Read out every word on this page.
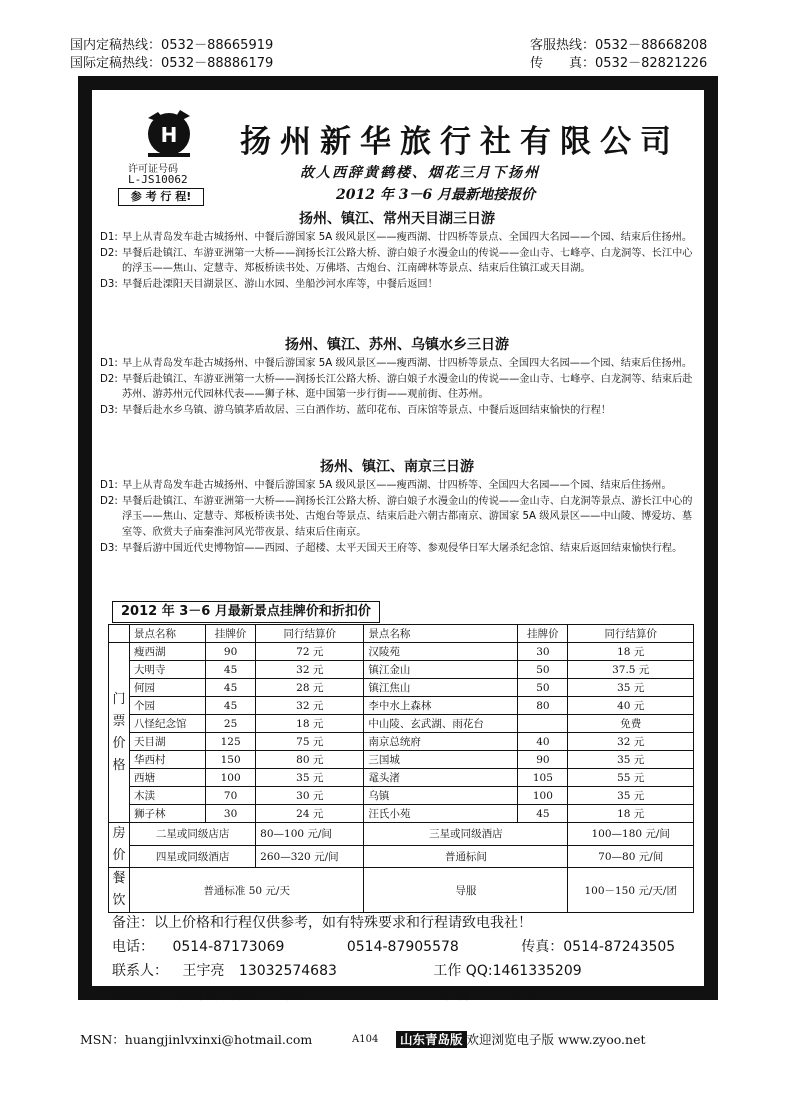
国内定稿热线：0532－88665919
国际定稿热线：0532－88886179
客服热线：0532－88668208
传　　真：0532－82821226
H 扬州新华旅行社有限公司
许可证号码
L-JS10062
参 考 行 程!
故人西辞黄鹤楼、烟花三月下扬州
2012 年 3－6 月最新地接报价
扬州、镇江、常州天目湖三日游
D1: 早上从青岛发车赴古城扬州、中餐后游国家 5A 级风景区——瘦西湖、廿四桥等景点、全国四大名园——个园、结束后住扬州。
D2: 早餐后赴镇江、车游亚洲第一大桥——润扬长江公路大桥、游白娘子水漫金山的传说——金山寺、七峰亭、白龙洞等、长江中心的浮玉——焦山、定慧寺、郑板桥读书处、万佛塔、古炮台、江南碑林等景点、结束后住镇江或天目湖。
D3: 早餐后赴溧阳天目湖景区、游山水园、坐船沙河水库等，中餐后返回！
扬州、镇江、苏州、乌镇水乡三日游
D1: 早上从青岛发车赴古城扬州、中餐后游国家 5A 级风景区——瘦西湖、廿四桥等景点、全国四大名园——个园、结束后住扬州。
D2: 早餐后赴镇江、车游亚洲第一大桥——润扬长江公路大桥、游白娘子水漫金山的传说——金山寺、七峰亭、白龙洞等、结束后赴苏州、游苏州元代园林代表——狮子林、逛中国第一步行街——观前街、住苏州。
D3: 早餐后赴水乡乌镇、游乌镇茅盾故居、三白酒作坊、蓝印花布、百床馆等景点、中餐后返回结束愉快的行程！
扬州、镇江、南京三日游
D1: 早上从青岛发车赴古城扬州、中餐后游国家 5A 级风景区——瘦西湖、廿四桥等、全国四大名园——个园、结束后住扬州。
D2: 早餐后赴镇江、车游亚洲第一大桥——润扬长江公路大桥、游白娘子水漫金山的传说——金山寺、白龙洞等景点、游长江中心的浮玉——焦山、定慧寺、郑板桥读书处、古炮台等景点、结束后赴六朝古都南京、游国家 5A 级风景区——中山陵、博爱坊、墓室等、欣赏夫子庙秦淮河风光带夜景、结束后住南京。
D3: 早餐后游中国近代史博物馆——西园、子超楼、太平天国天王府等、参观侵华日军大屠杀纪念馆、结束后返回结束愉快行程。
2012 年 3－6 月最新景点挂牌价和折扣价
	景点名称	挂牌价	同行结算价	景点名称	挂牌价	同行结算价
门票价格	瘦西湖	90	72 元	汉陵苑	30	18 元
	大明寺	45	32 元	镇江金山	50	37.5 元
	何园	45	28 元	镇江焦山	50	35 元
	个园	45	32 元	李中水上森林	80	40 元
	八怪纪念馆	25	18 元	中山陵、玄武湖、雨花台		免费
	天目湖	125	75 元	南京总统府	40	32 元
	华西村	150	80 元	三国城	90	35 元
	西塘	100	35 元	鼋头渚	105	55 元
	木渎	70	30 元	乌镇	100	35 元
	狮子林	30	24 元	汪氏小苑	45	18 元
房价	二星或同级店店		80—100 元/间	三星或同级酒店		100—180 元/间
	四星或同级酒店		260—320 元/间	普通标间		70—80 元/间
餐饮	普通标准 50 元/天			导服		100－150 元/天/团
备注：以上价格和行程仅供参考，如有特殊要求和行程请致电我社！
电话： 0514-87173069	0514-87905578	传真：0514-87243505
联系人： 王宇亮 13032574683	工作 QQ:1461335209
公司地址：扬州东方名城1-03幢302	邮 编： 225003
MSN：huangjinlvxinxi@hotmail.com	A104	山东青岛版 欢迎浏览电子版 www.zyoo.net
